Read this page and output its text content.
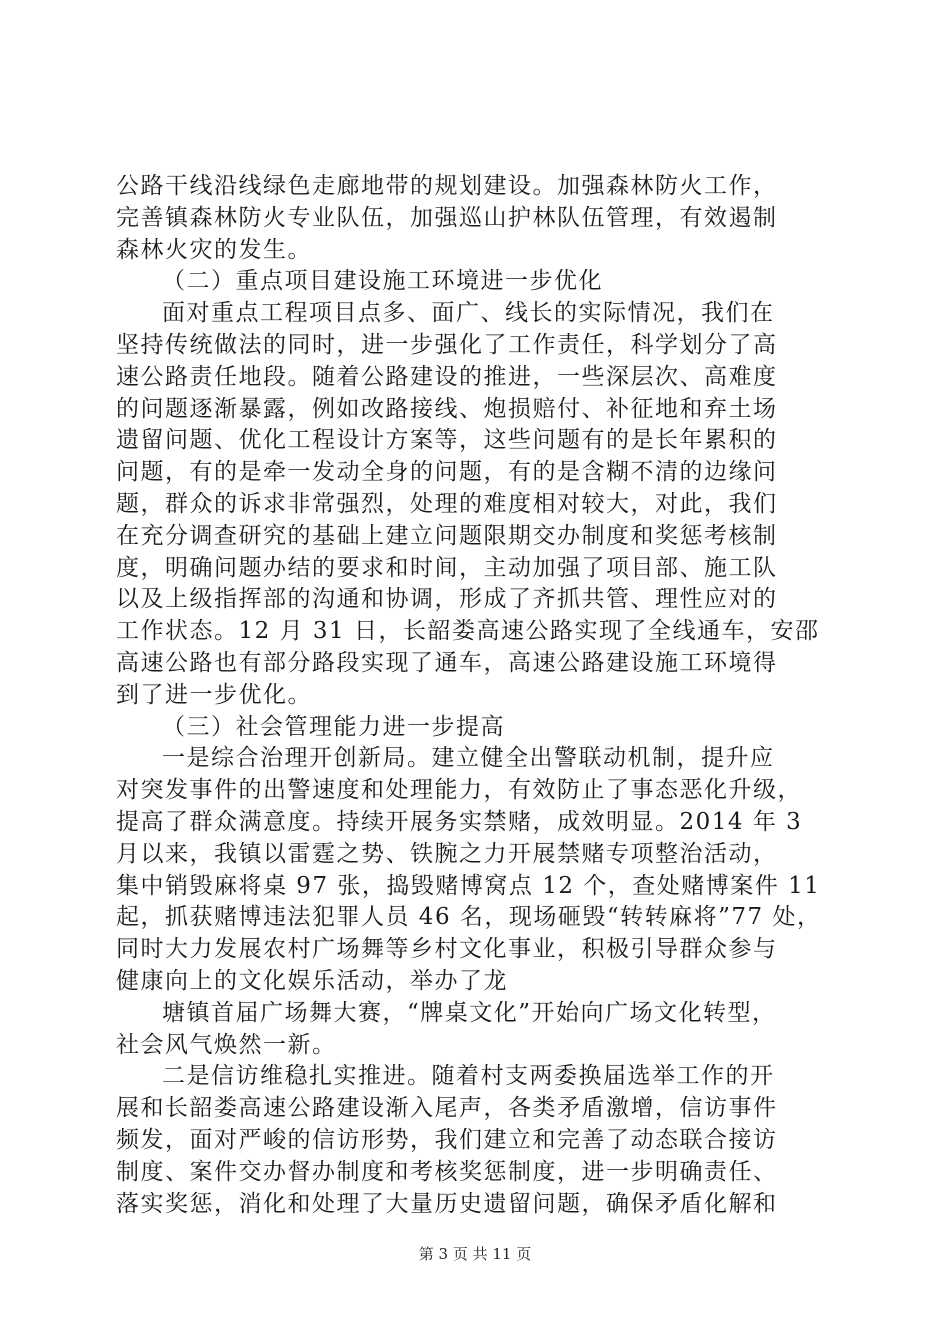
公路干线沿线绿色走廊地带的规划建设。加强森林防火工作，
完善镇森林防火专业队伍，加强巡山护林队伍管理，有效遏制
森林火灾的发生。
（二）重点项目建设施工环境进一步优化
面对重点工程项目点多、面广、线长的实际情况，我们在
坚持传统做法的同时，进一步强化了工作责任，科学划分了高
速公路责任地段。随着公路建设的推进，一些深层次、高难度
的问题逐渐暴露，例如改路接线、炮损赔付、补征地和弃土场
遗留问题、优化工程设计方案等，这些问题有的是长年累积的
问题，有的是牵一发动全身的问题，有的是含糊不清的边缘问
题，群众的诉求非常强烈，处理的难度相对较大，对此，我们
在充分调查研究的基础上建立问题限期交办制度和奖惩考核制
度，明确问题办结的要求和时间，主动加强了项目部、施工队
以及上级指挥部的沟通和协调，形成了齐抓共管、理性应对的
工作状态。12 月 31 日，长韶娄高速公路实现了全线通车，安邵
高速公路也有部分路段实现了通车，高速公路建设施工环境得
到了进一步优化。
（三）社会管理能力进一步提高
一是综合治理开创新局。建立健全出警联动机制，提升应
对突发事件的出警速度和处理能力，有效防止了事态恶化升级，
提高了群众满意度。持续开展务实禁赌，成效明显。2014 年 3
月以来，我镇以雷霆之势、铁腕之力开展禁赌专项整治活动，
集中销毁麻将桌 97 张，捣毁赌博窝点 12 个，查处赌博案件 11
起，抓获赌博违法犯罪人员 46 名，现场砸毁“转转麻将”77 处，
同时大力发展农村广场舞等乡村文化事业，积极引导群众参与
健康向上的文化娱乐活动，举办了龙
塘镇首届广场舞大赛，“牌桌文化”开始向广场文化转型，
社会风气焕然一新。
二是信访维稳扎实推进。随着村支两委换届选举工作的开
展和长韶娄高速公路建设渐入尾声，各类矛盾激增，信访事件
频发，面对严峻的信访形势，我们建立和完善了动态联合接访
制度、案件交办督办制度和考核奖惩制度，进一步明确责任、
落实奖惩，消化和处理了大量历史遗留问题，确保矛盾化解和
第 3 页 共 11 页
